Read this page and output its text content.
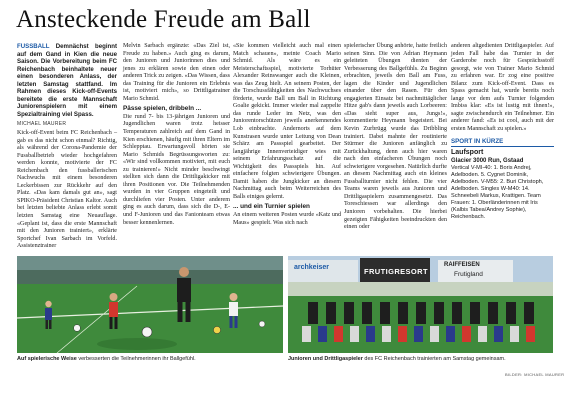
Ansteckende Freude am Ball

FUSSBALL Demnächst beginnt auf dem Gand in Kien die neue Saison. Die Vorbereitung beim FC Reichenbach beinhaltete neuer einen besonderen Anlass, der letzten Samstag stattfand. Im Rahmen dieses Kick-off-Events bereitete die erste Mannschaft Juniorenspielern mit einem Spezialtraining viel Spass.

MICHAEL MAURER

Kick-off-Event beim FC Reichenbach – gab es das nicht schon einmal? Richtig, als während der Corona-Pandemie der Fussballbetrieb wieder hochgefahren werden konnte, motivierte der FC Reichenbach den fussballerischen Nachwuchs mit einem besonderen Leckerbissen zur Rückkehr auf den Platz. «Das kam damals gut an», sagt SPIKO-Präsident Christian Kaltor. Auch bei letzten beliebte Anlass erlebt somit letzten Samstag eine Neuauflage. «Geplant ist, dass die erste Mannschaft mit den Junioren trainiert», erklärte Sportchef Ivan Sarbach im Vorfeld. Assistenztrainer

Melvin Sarbach ergänzte: «Das Ziel ist, Freude zu haben.» Auch ging es darum, den Junioren und Juniorinnen dies und jenes zu erklären sowie den einen oder anderen Trick zu zeigen. «Das Wissen, dass das Training für die Junioren ein Erlebnis ist, motiviert mich», so Drittligatrainer Mario Schmid.

Pässe spielen, dribbeln ...

Die rund 7- bis 13-jährigen Junioren und Jugendlichen waren trotz heisser Temperaturen zahlreich auf dem Gand in Kien erschienen, häufig mit ihren Eltern im Schlepptau. Erwartungsvoll hörten sie Mario Schmids Begrüssungsworten zu: «Wir sind vollkommen motiviert, mit euch zu trainieren!» Nicht minder beschwingt stellten sich dann die Drittligakicker mit ihren Positionen vor. Die Teilnehmenden wurden in vier Gruppen eingeteilt und durchliefen vier Posten. Unter anderem ging es auch darum, dass sich die D-, E- und F-Junioren und das Fanionteam etwas besser kennenlernen.

«Sie kommen vielleicht auch mal einen Match schauen», meinte Coach Mario Schmid. Als wäre es ein Meisterschaftsspiel, motivierte Torhüter Alexander Reinswanger auch die Kleinen, was das Zeug hielt. An seinem Posten, der die Torschussfähigkeiten des Nachwuchses förderte, wurde Ball um Ball in Richtung Goalie gekickt. Immer wieder mal zappelte das runde Leder im Netz, was den Juniorentorschützen jeweils anerkennendes Lob einbrachte. Andernorts auf dem Kunstrasen wurde unter Leitung von Dean Schärz am Passspiel gearbeitet. Der langjährige Innenverteidiger wies mit seinem Erfahrungsschatz auf die Wichtigkeit des Passspiels hin. Auf einfachere folgten schwierigere Übungen. Damit haben die Jungkicker an diesem Nachmittag auch beim Weiterreichen des Balls einiges gelernt.

... und ein Turnier spielen

An einem weiteren Posten wurde «Katz und Maus» gespielt. Was sich nach

spielerischer Übung anhörte, hatte freilich seinen Sinn. Die von Adrian Heymann geleiteten Übungen dienten der Verbesserung des Ballgefühls. Zu Beginn erbrachten, jeweils den Ball am Fuss, lagen die Kinder und Jugendlichen einander über den Rasen. Für den engagierten Einsatz bei nachmittäglicher Hitze gab's dann jeweils auch Lorbeeren: «Das sieht super aus, Jungs!», kommentierte Heymann begeistert. Bei Kevin Zurbrügg wurde das Dribbling trainiert. Dabei mahnte der routinierte Stürmer die Junioren anfänglich zu Zurückhaltung, denn auch hier waren nach den einfacheren Übungen noch schwierigere vorgesehen. Natürlich durfte an diesem Nachmittag auch ein kleines Fussballturnier nicht fehlen. Die vier Teams waren jeweils aus Junioren und Drittligaspielern zusammengesetzt. Das Toreschiessen war allerdings den Junioren vorbehalten. Die hierbei gezeigten Fähigkeiten beeindruckten den einen oder

anderen altgedienten Drittligaspieler. Auf jeden Fall habe das Turnier in der Garderobe noch für Gesprächsstoff gesorgt, wie von Trainer Mario Schmid zu erfahren war. Er zog eine positive Bilanz zum Kick-off-Event. Dass es Spass gemacht hat, wurde bereits noch lange vor dem aufs Turnier folgenden Imbiss klar: «Es ist lustig mit ihnen!», sagte zwischendurch ein Teilnehmer. Ein anderer fand: «Es ist cool, auch mit der ersten Mannschaft zu spielen.»

SPORT IN KÜRZE
Laufsport
Glacier 3000 Run, Gstaad

Vertical V-MI-40: 1. Boris Andrej, Adelboden. 5. Cygnet Dominik, Adelboden. V-M55: 2. Buri Christoph, Adelboden. Singles W-M40: 14. Schneebeli Markus, Krattigen. Team Frauen: 1. Oberländerinnen mit Iris (Kalbis Tabea/Andrey Sophie), Reichenbach.

archkeiser	FRUTIGRESORT
RAIFFEISEN
Frutigland
Auf spielerische Weise verbesserten die Teilnehmerinnen ihr Ballgefühl.	Junioren und Drittligaspieler des FC Reichenbach trainierten am Samstag gemeinsam.
BILDER: MICHAEL MAURER
